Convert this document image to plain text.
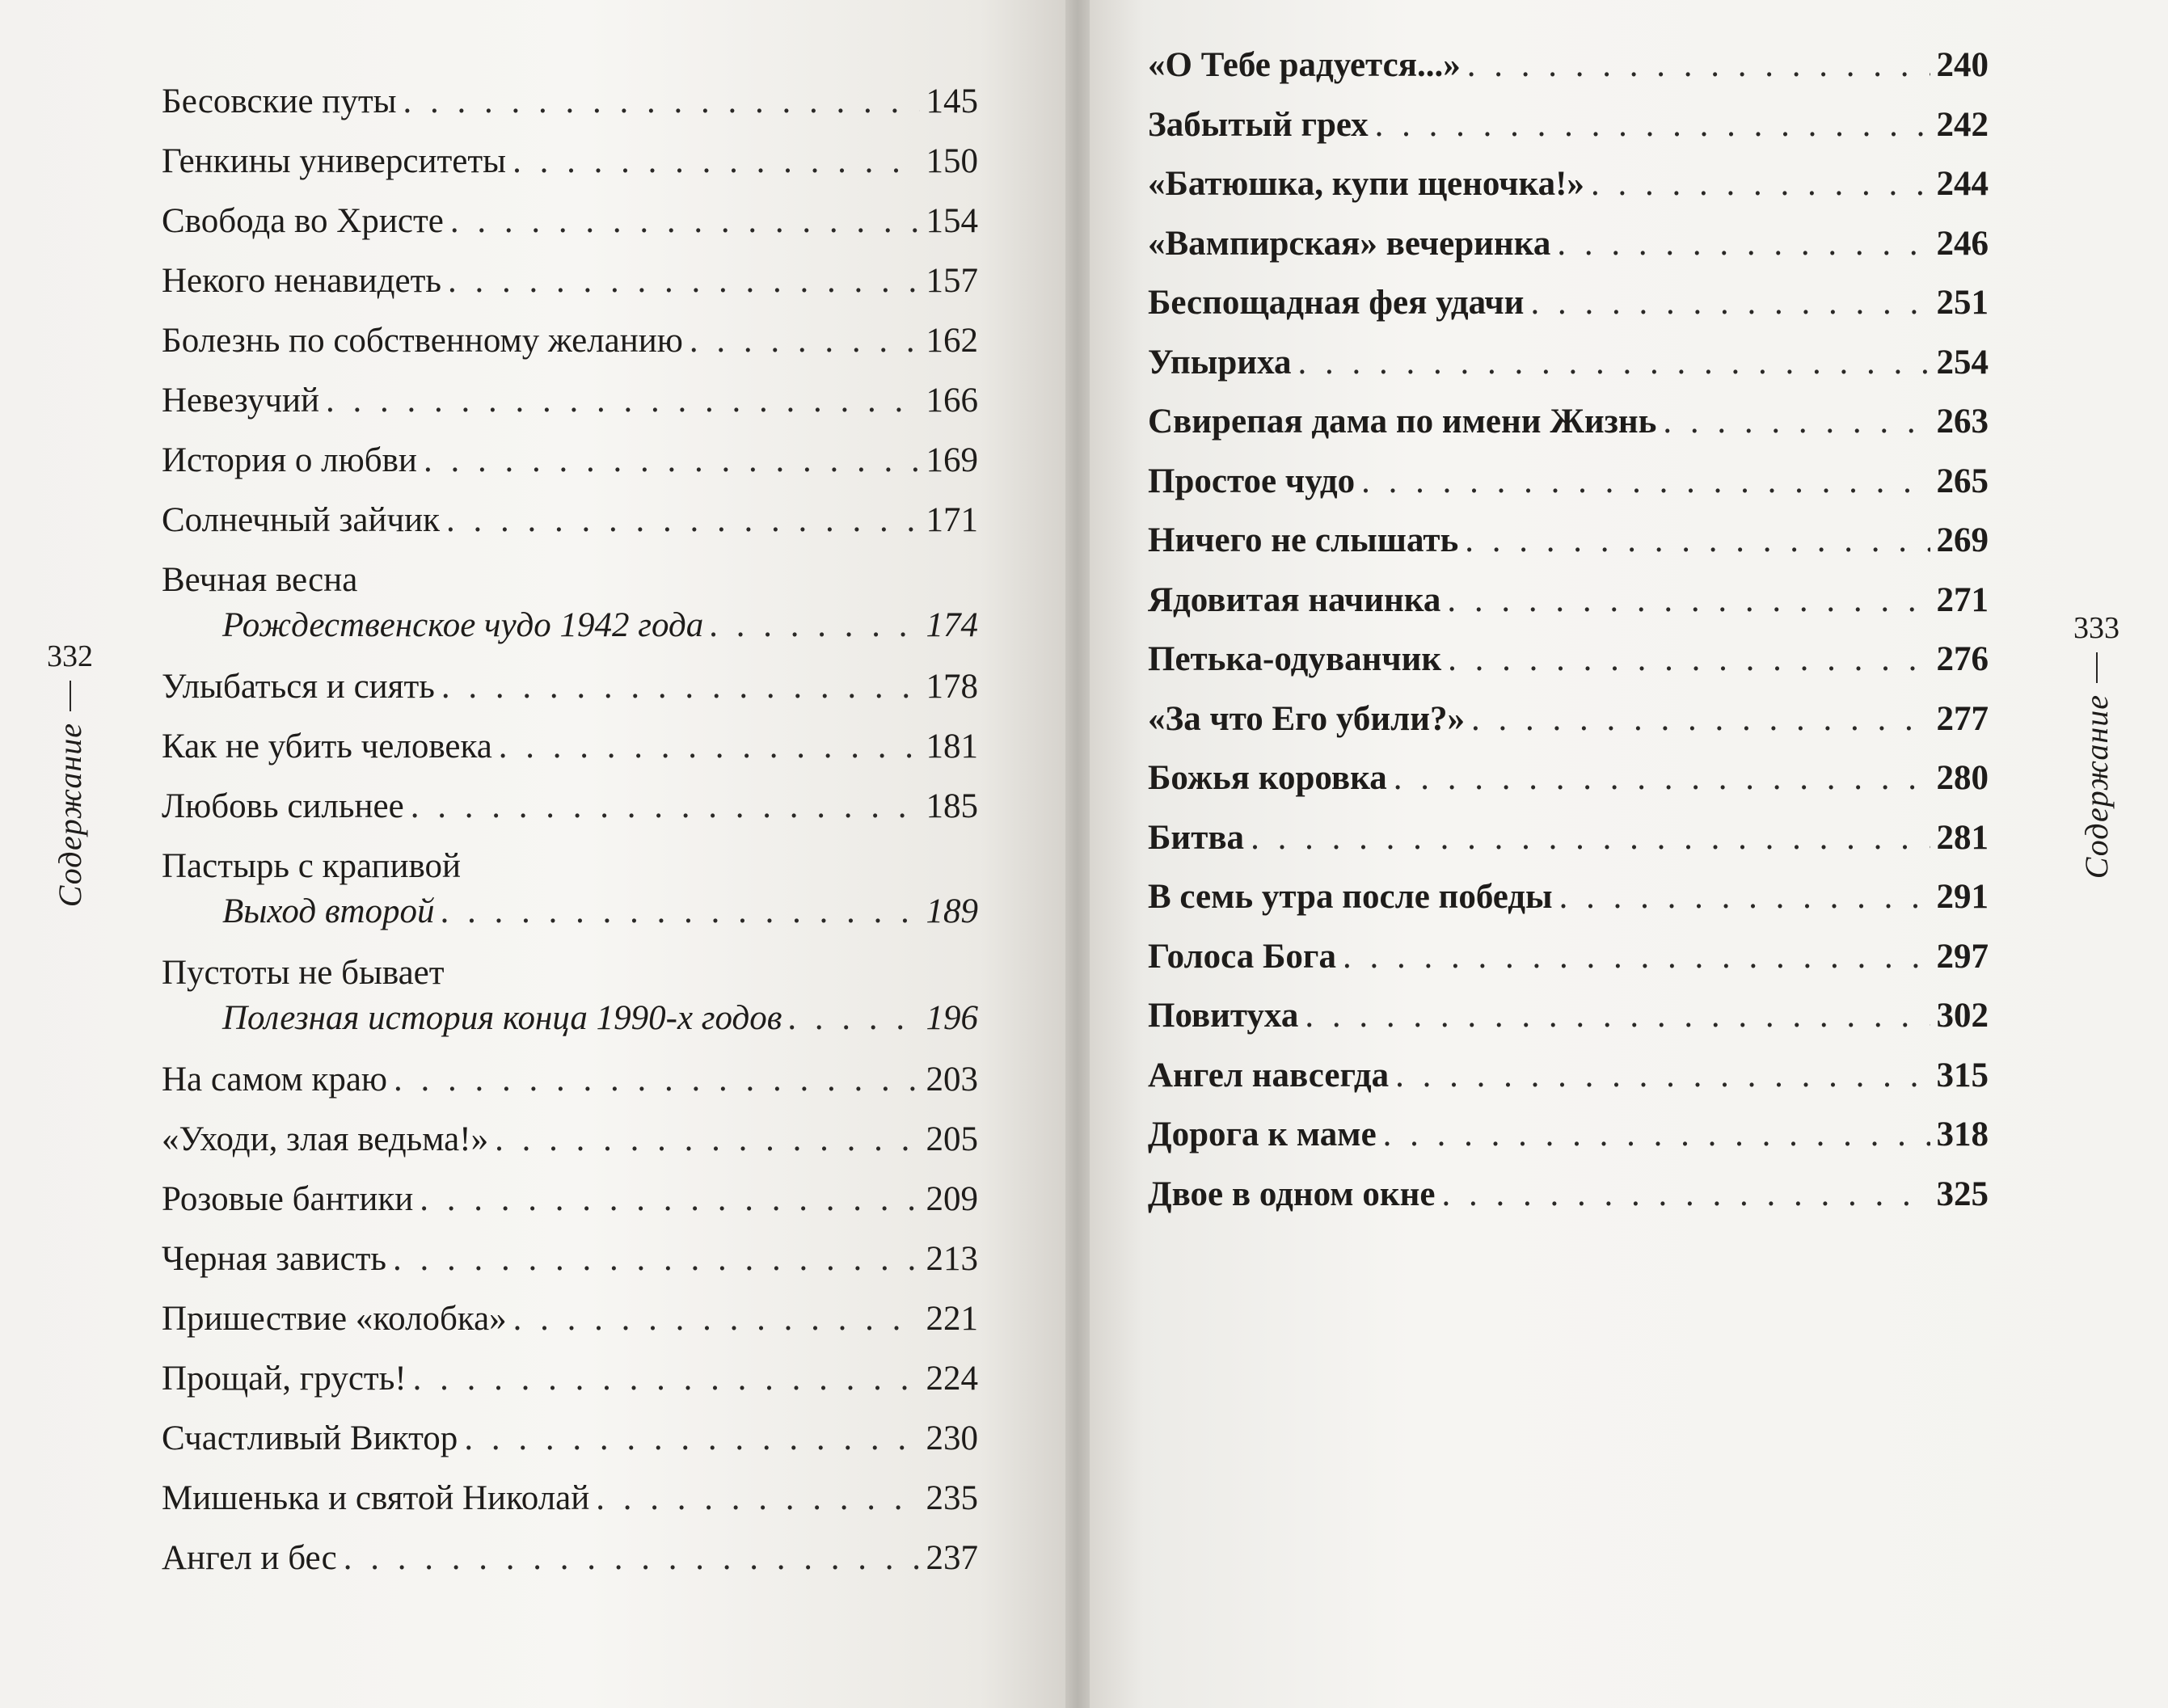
332
Содержание
Бесовские путы . . .	145
Генкины университеты . . .	150
Свобода во Христе . . .	154
Некого ненавидеть . . .	157
Болезнь по собственному желанию . . .	162
Невезучий . . .	166
История о любви . . .	169
Солнечный зайчик . . .	171
Вечная весна
Рождественское чудо 1942 года . . .	174
Улыбаться и сиять . . .	178
Как не убить человека . . .	181
Любовь сильнее . . .	185
Пастырь с крапивой
Выход второй . . .	189
Пустоты не бывает
Полезная история конца 1990-х годов . . .	196
На самом краю . . .	203
«Уходи, злая ведьма!» . . .	205
Розовые бантики . . .	209
Черная зависть . . .	213
Пришествие «колобка» . . .	221
Прощай, грусть! . . .	224
Счастливый Виктор . . .	230
Мишенька и святой Николай . . .	235
Ангел и бес . . .	237
333
Содержание
«О Тебе радуется...» . . .	240
Забытый грех . . .	242
«Батюшка, купи щеночка!» . . .	244
«Вампирская» вечеринка . . .	246
Беспощадная фея удачи . . .	251
Упыриха . . .	254
Свирепая дама по имени Жизнь . . .	263
Простое чудо . . .	265
Ничего не слышать . . .	269
Ядовитая начинка . . .	271
Петька-одуванчик . . .	276
«За что Его убили?» . . .	277
Божья коровка . . .	280
Битва . . .	281
В семь утра после победы . . .	291
Голоса Бога . . .	297
Повитуха . . .	302
Ангел навсегда . . .	315
Дорога к маме . . .	318
Двое в одном окне . . .	325
